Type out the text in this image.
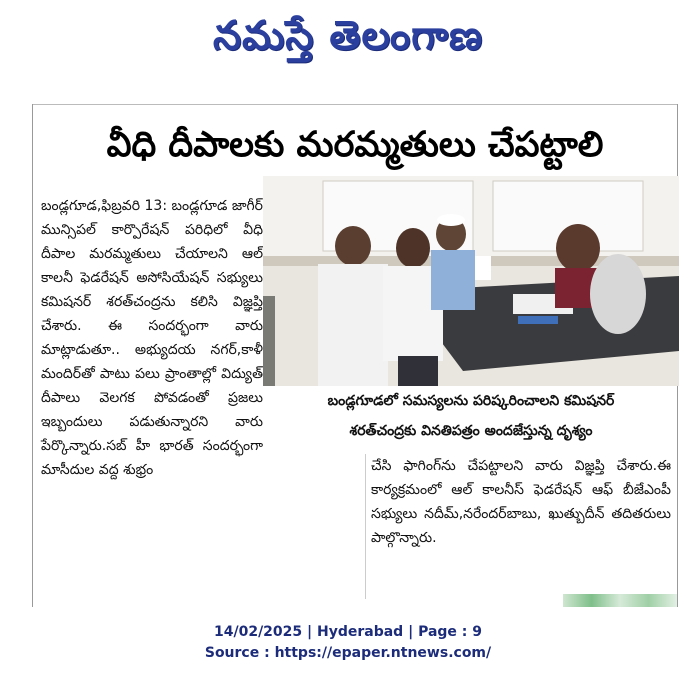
నమస్తే తెలంగాణ
వీధి దీపాలకు మరమ్మతులు చేపట్టాలి

బండ్లగూడ,ఫిబ్రవరి 13: బండ్లగూడ జాగీర్ మున్సిపల్ కార్పొరేషన్ పరిధిలో వీధి దీపాల మరమ్మతులు చేయాలని ఆల్ కాలనీ ఫెడరేషన్ అసోసియేషన్ సభ్యులు కమిషనర్ శరత్‌చంద్రను కలిసి విజ్ఞప్తి చేశారు. ఈ సందర్భంగా వారు మాట్లాడుతూ.. అభ్యుదయ నగర్,కాళీ మందిర్‌తో పాటు పలు ప్రాంతాల్లో విద్యుత్ దీపాలు వెలగక పోవడంతో ప్రజలు ఇబ్బందులు పడుతున్నారని వారు పేర్కొన్నారు.సబ్ హీ భారత్ సందర్భంగా మాసీదుల వద్ద శుభ్రం

బండ్లగూడలో సమస్యలను పరిష్కరించాలని కమిషనర్

శరత్‌చంద్రకు వినతిపత్రం అందజేస్తున్న దృశ్యం

చేసి ఫాగింగ్‌ను చేపట్టాలని వారు విజ్ఞప్తి చేశారు.ఈ కార్యక్రమంలో ఆల్ కాలనీస్ ఫెడరేషన్ ఆఫ్ బీజేఎంపీ సభ్యులు నదీమ్,నరేందర్‌బాబు, ఖుత్బుదీన్ తదితరులు పాల్గొన్నారు.

14/02/2025 | Hyderabad | Page : 9
Source : https://epaper.ntnews.com/
